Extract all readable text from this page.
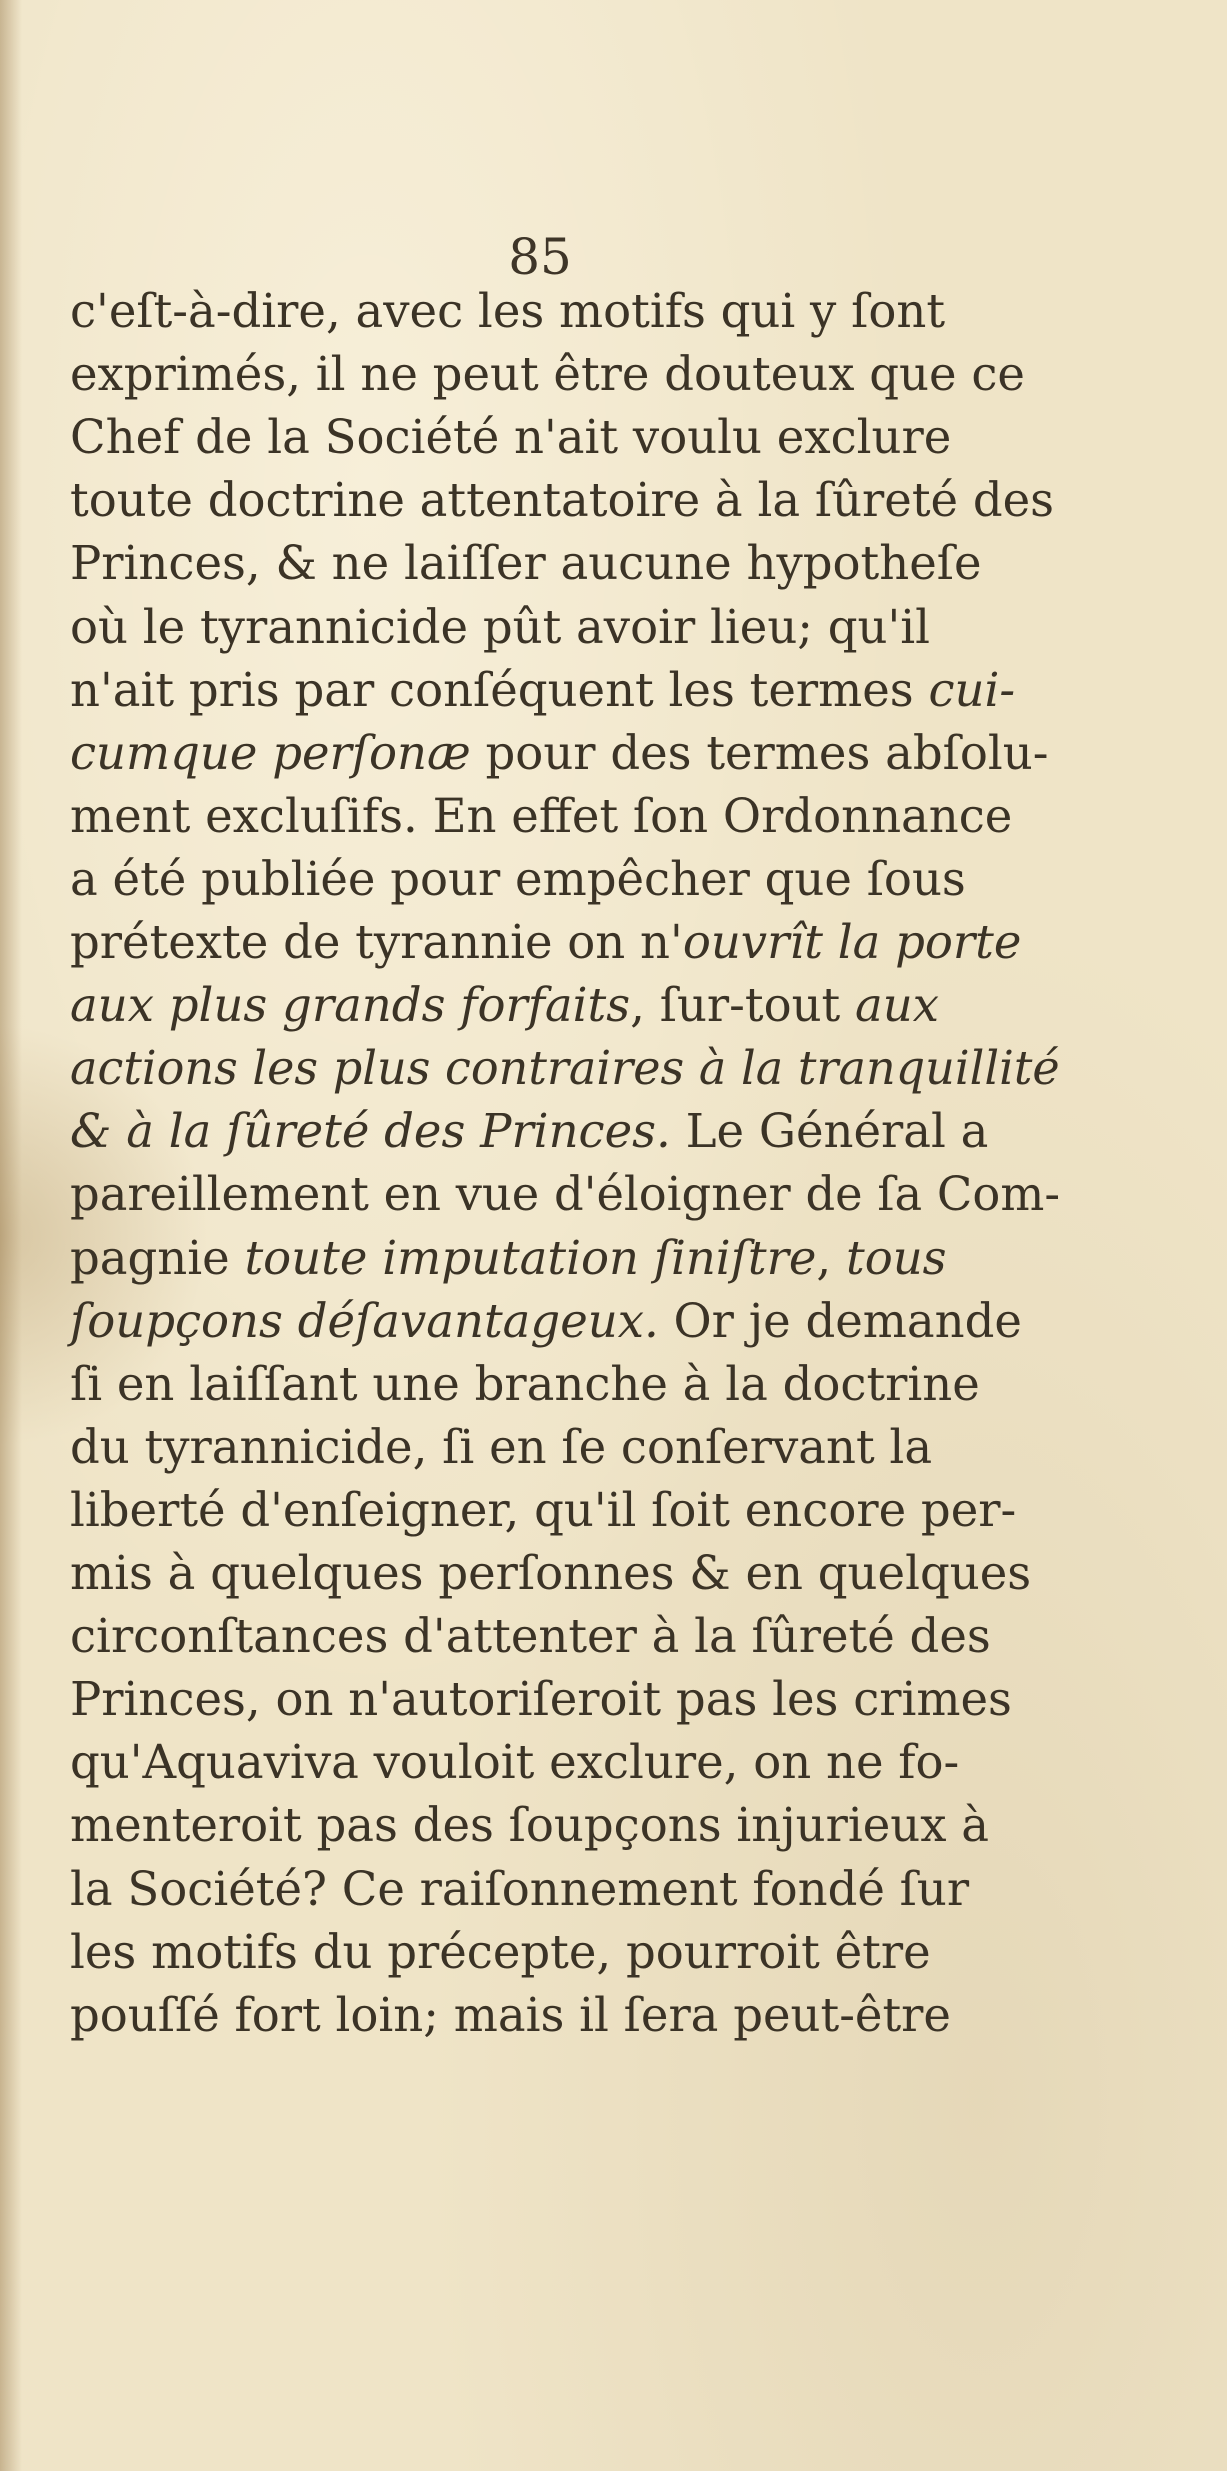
85
c'eſt-à-dire, avec les motifs qui y ſont
exprimés, il ne peut être douteux que ce
Chef de la Société n'ait voulu exclure
toute doctrine attentatoire à la ſûreté des
Princes, & ne laiſſer aucune hypotheſe
où le tyrannicide pût avoir lieu; qu'il
n'ait pris par conſéquent les termes cui-
cumque perſonæ pour des termes abſolu-
ment excluſifs. En effet ſon Ordonnance
a été publiée pour empêcher que ſous
prétexte de tyrannie on n'ouvrît la porte
aux plus grands forfaits, ſur-tout aux
actions les plus contraires à la tranquillité
& à la ſûreté des Princes. Le Général a
pareillement en vue d'éloigner de ſa Com-
pagnie toute imputation ſiniſtre, tous
ſoupçons déſavantageux. Or je demande
ſi en laiſſant une branche à la doctrine
du tyrannicide, ſi en ſe conſervant la
liberté d'enſeigner, qu'il ſoit encore per-
mis à quelques perſonnes & en quelques
circonſtances d'attenter à la ſûreté des
Princes, on n'autoriſeroit pas les crimes
qu'Aquaviva vouloit exclure, on ne fo-
menteroit pas des ſoupçons injurieux à
la Société? Ce raiſonnement fondé ſur
les motifs du précepte, pourroit être
pouſſé fort loin; mais il ſera peut-être
